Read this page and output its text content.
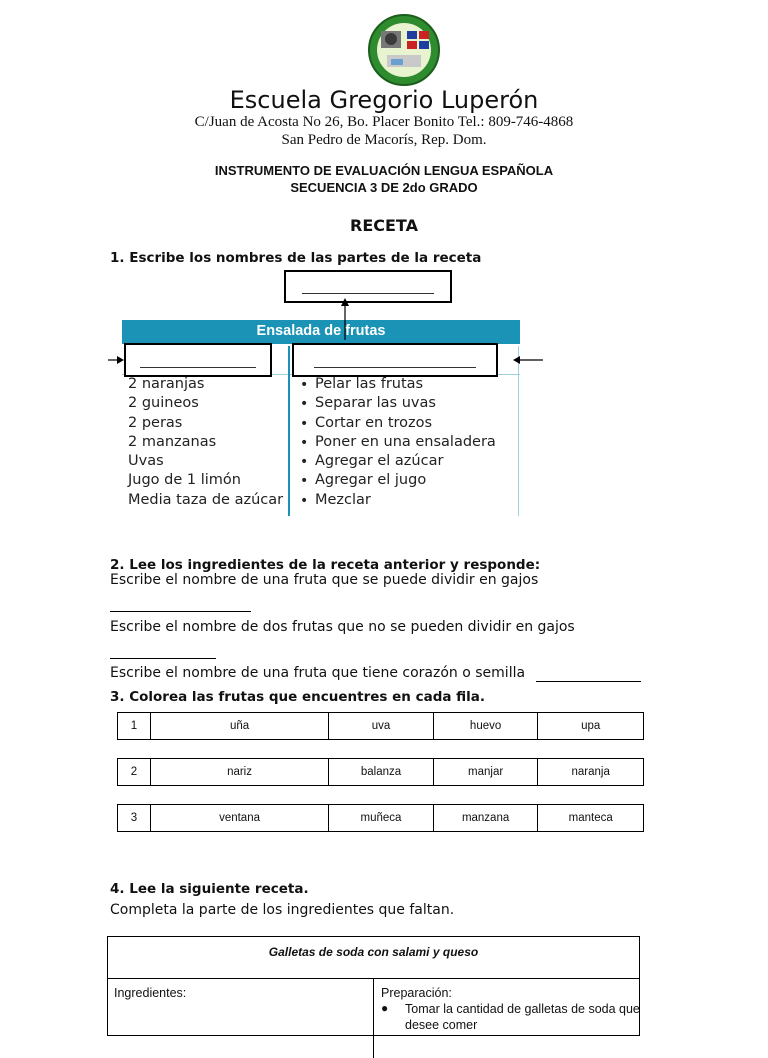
Escuela Gregorio Luperón
C/Juan de Acosta No 26, Bo. Placer Bonito Tel.: 809-746-4868
San Pedro de Macorís, Rep. Dom.
INSTRUMENTO DE EVALUACIÓN LENGUA ESPAÑOLA
SECUENCIA 3 DE 2do GRADO
RECETA
1. Escribe los nombres de las partes de la receta
Ensalada de frutas
2 naranjas
2 guineos
2 peras
2 manzanas
Uvas
Jugo de 1 limón
Media taza de azúcar
• Pelar las frutas
• Separar las uvas
• Cortar en trozos
• Poner en una ensaladera
• Agregar el azúcar
• Agregar el jugo
• Mezclar
2. Lee los ingredientes de la receta anterior y responde:
Escribe el nombre de una fruta que se puede dividir en gajos
Escribe el nombre de dos frutas que no se pueden dividir en gajos
Escribe el nombre de una fruta que tiene corazón o semilla
3. Colorea las frutas que encuentres en cada fila.
1	uña	uva	huevo	upa
2	nariz	balanza	manjar	naranja
3	ventana	muñeca	manzana	manteca
4. Lee la siguiente receta.
Completa la parte de los ingredientes que faltan.
Galletas de soda con salami y queso
Ingredientes:	Preparación:
● Tomar la cantidad de galletas de soda que desee comer
